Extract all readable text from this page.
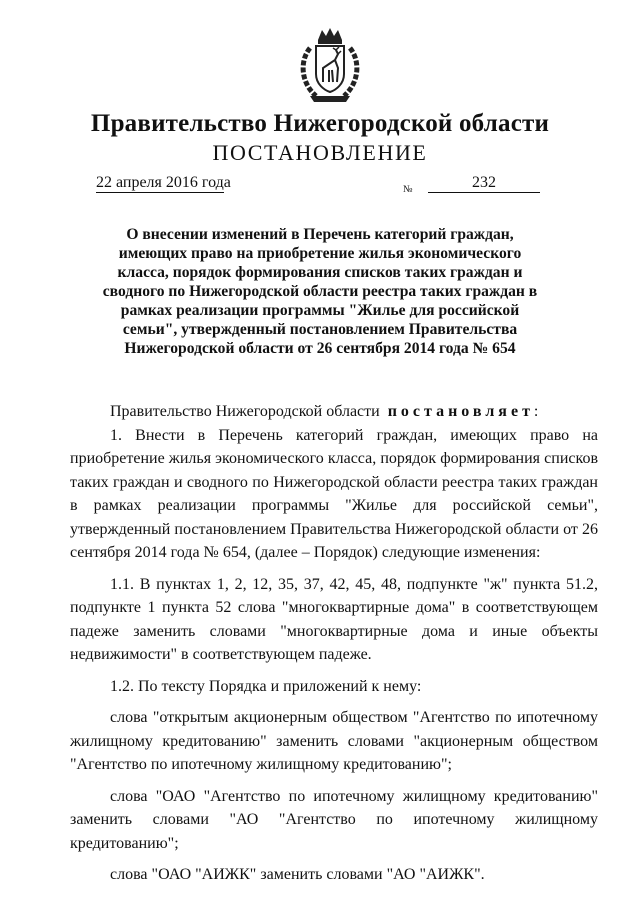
Правительство Нижегородской области
ПОСТАНОВЛЕНИЕ
22 апреля 2016 года	№	232
О внесении изменений в Перечень категорий граждан,
имеющих право на приобретение жилья экономического
класса, порядок формирования списков таких граждан и
сводного по Нижегородской области реестра таких граждан в
рамках реализации программы "Жилье для российской
семьи", утвержденный постановлением Правительства
Нижегородской области от 26 сентября 2014 года № 654

Правительство Нижегородской области постановляет:

1. Внести в Перечень категорий граждан, имеющих право на приобретение жилья экономического класса, порядок формирования списков таких граждан и сводного по Нижегородской области реестра таких граждан в рамках реализации программы "Жилье для российской семьи", утвержденный постановлением Правительства Нижегородской области от 26 сентября 2014 года № 654, (далее – Порядок) следующие изменения:

1.1. В пунктах 1, 2, 12, 35, 37, 42, 45, 48, подпункте "ж" пункта 51.2, подпункте 1 пункта 52 слова "многоквартирные дома" в соответствующем падеже заменить словами "многоквартирные дома и иные объекты недвижимости" в соответствующем падеже.

1.2. По тексту Порядка и приложений к нему:

слова "открытым акционерным обществом "Агентство по ипотечному жилищному кредитованию" заменить словами "акционерным обществом "Агентство по ипотечному жилищному кредитованию";

слова "ОАО "Агентство по ипотечному жилищному кредитованию" заменить словами "АО "Агентство по ипотечному жилищному кредитованию";

слова "ОАО "АИЖК" заменить словами "АО "АИЖК".
